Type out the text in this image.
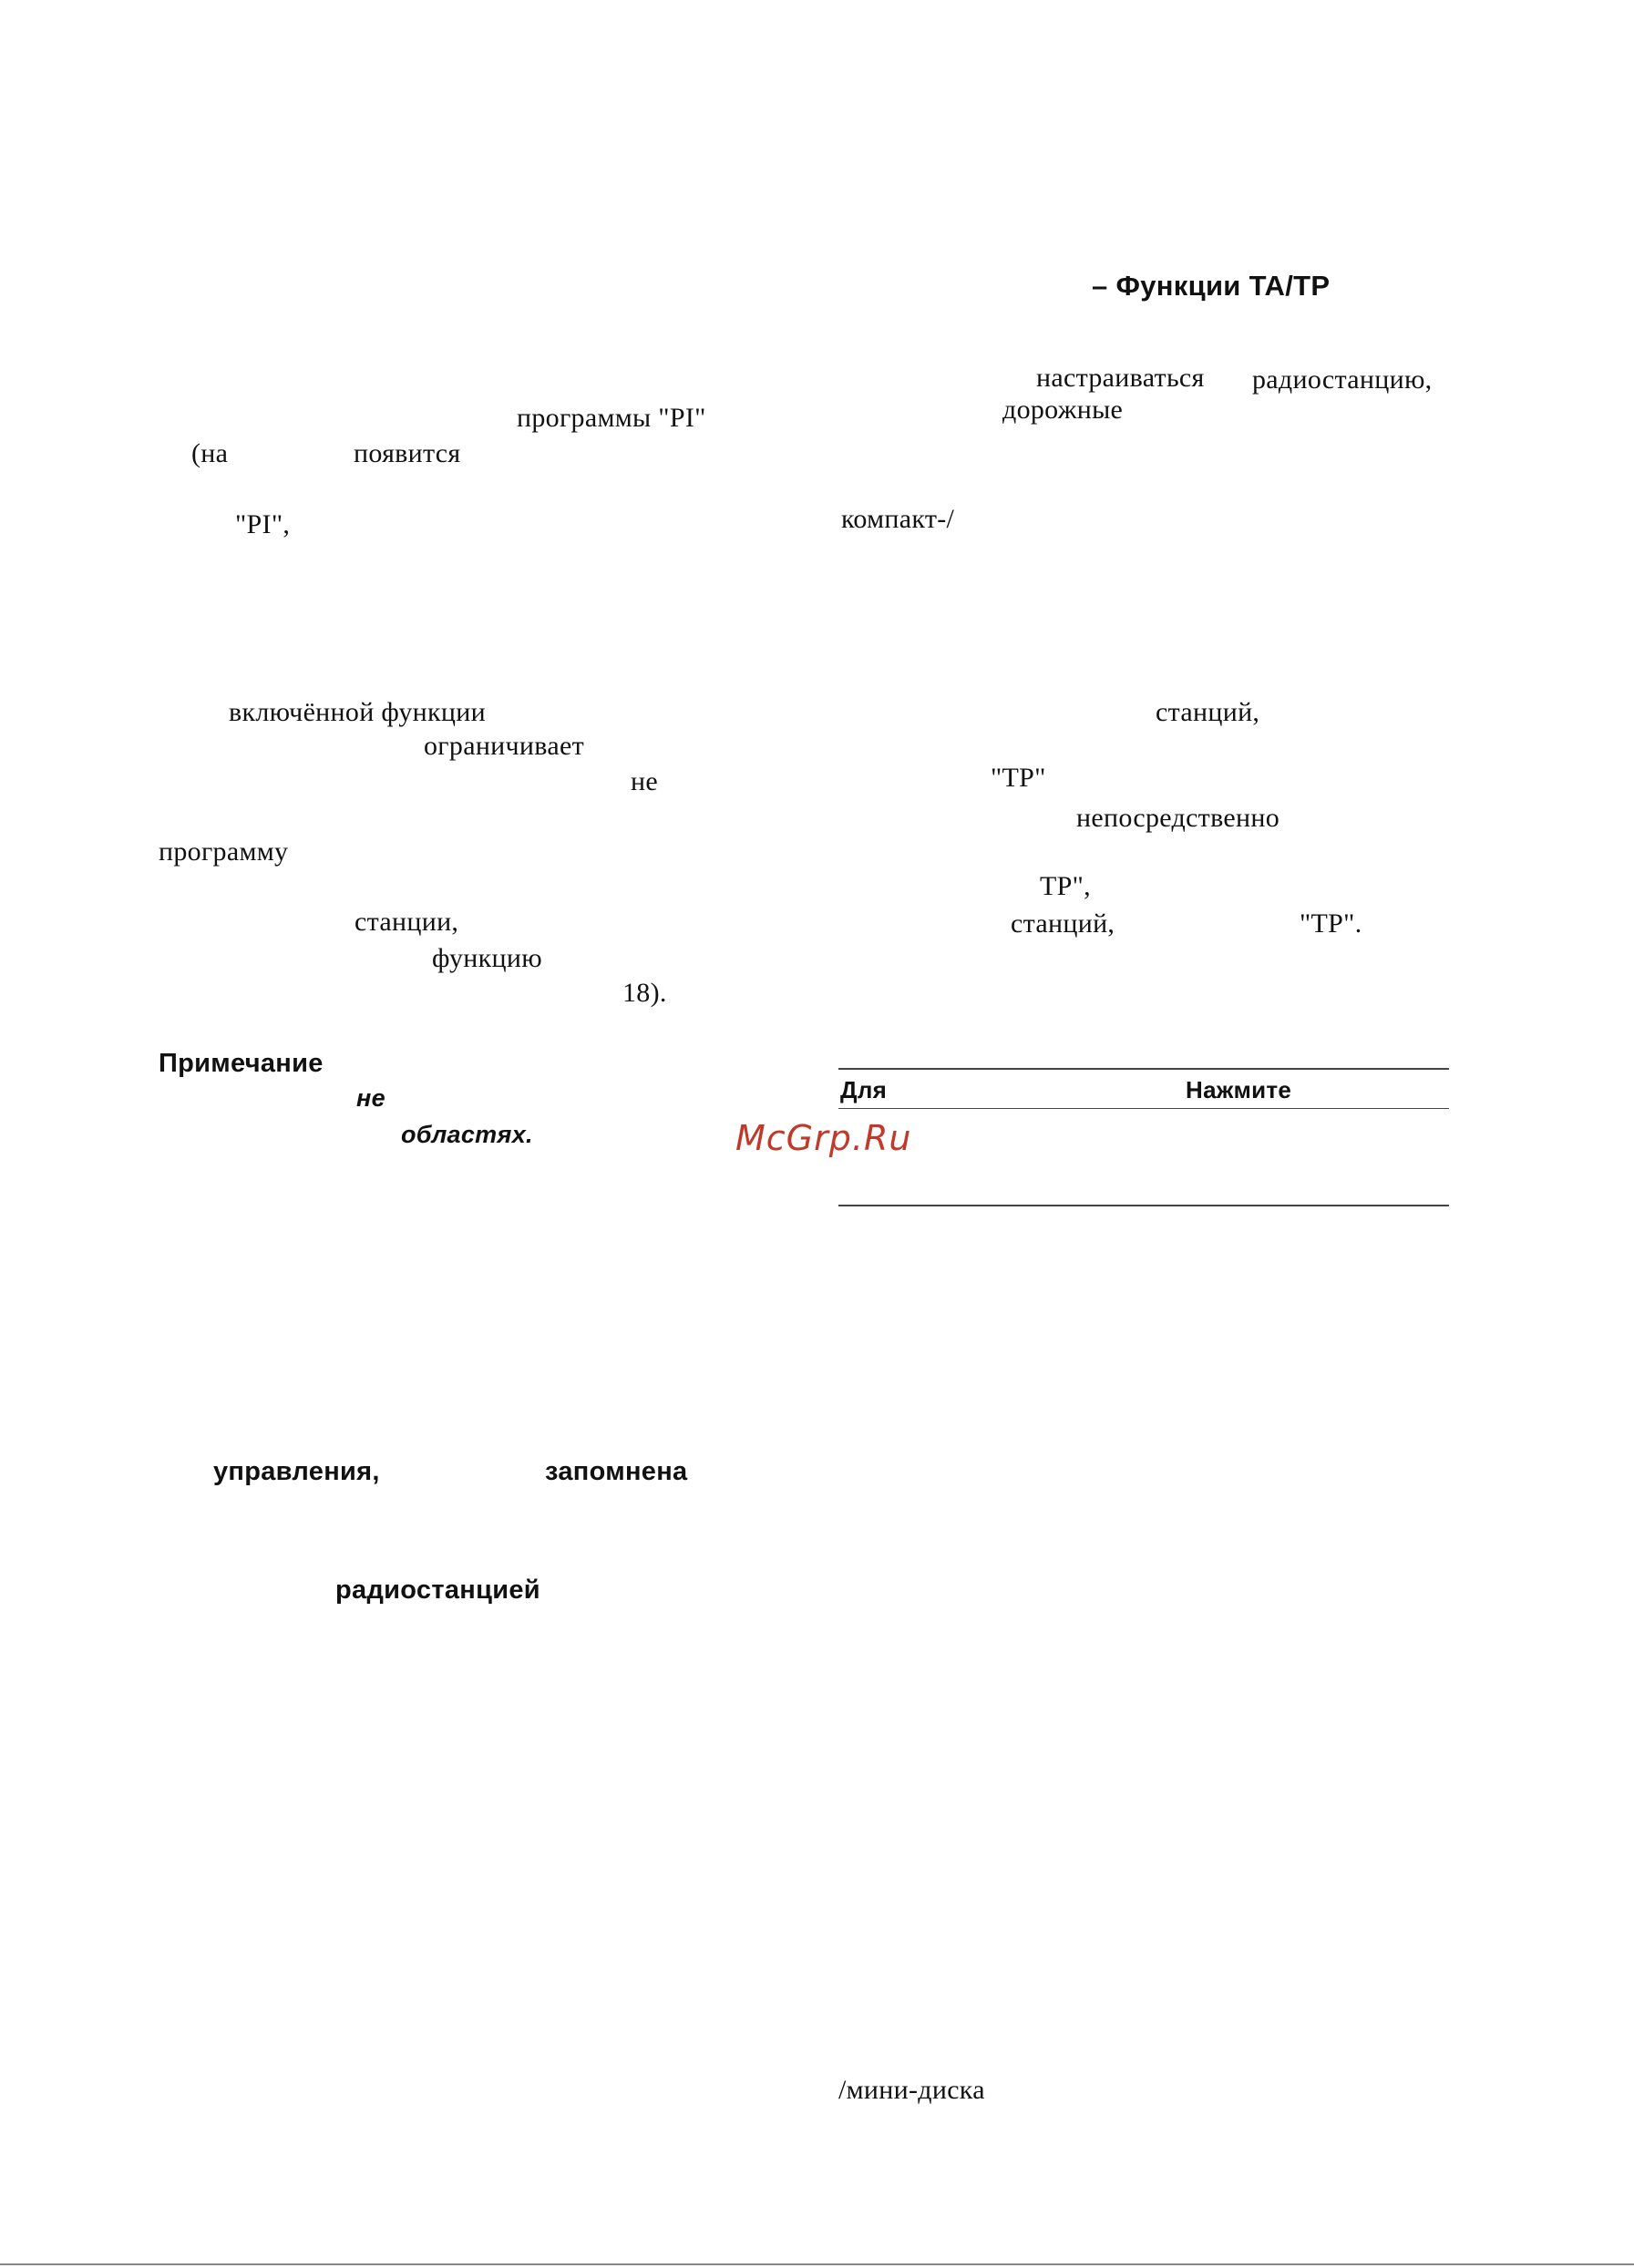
– Функции TA/TP
настраиваться радиостанцию,
дорожные
компакт-/
станций,
"TP"
непосредственно
TP",
станций,	"TP".
Для	Нажмите
/мини-диска
программы "PI"
(на	появится
"PI",
включённой функции
ограничивает
не
программу
станции,
функцию
18).
Примечание
не
областях.	McGrp.Ru
управления,	запомнена
радиостанцией
